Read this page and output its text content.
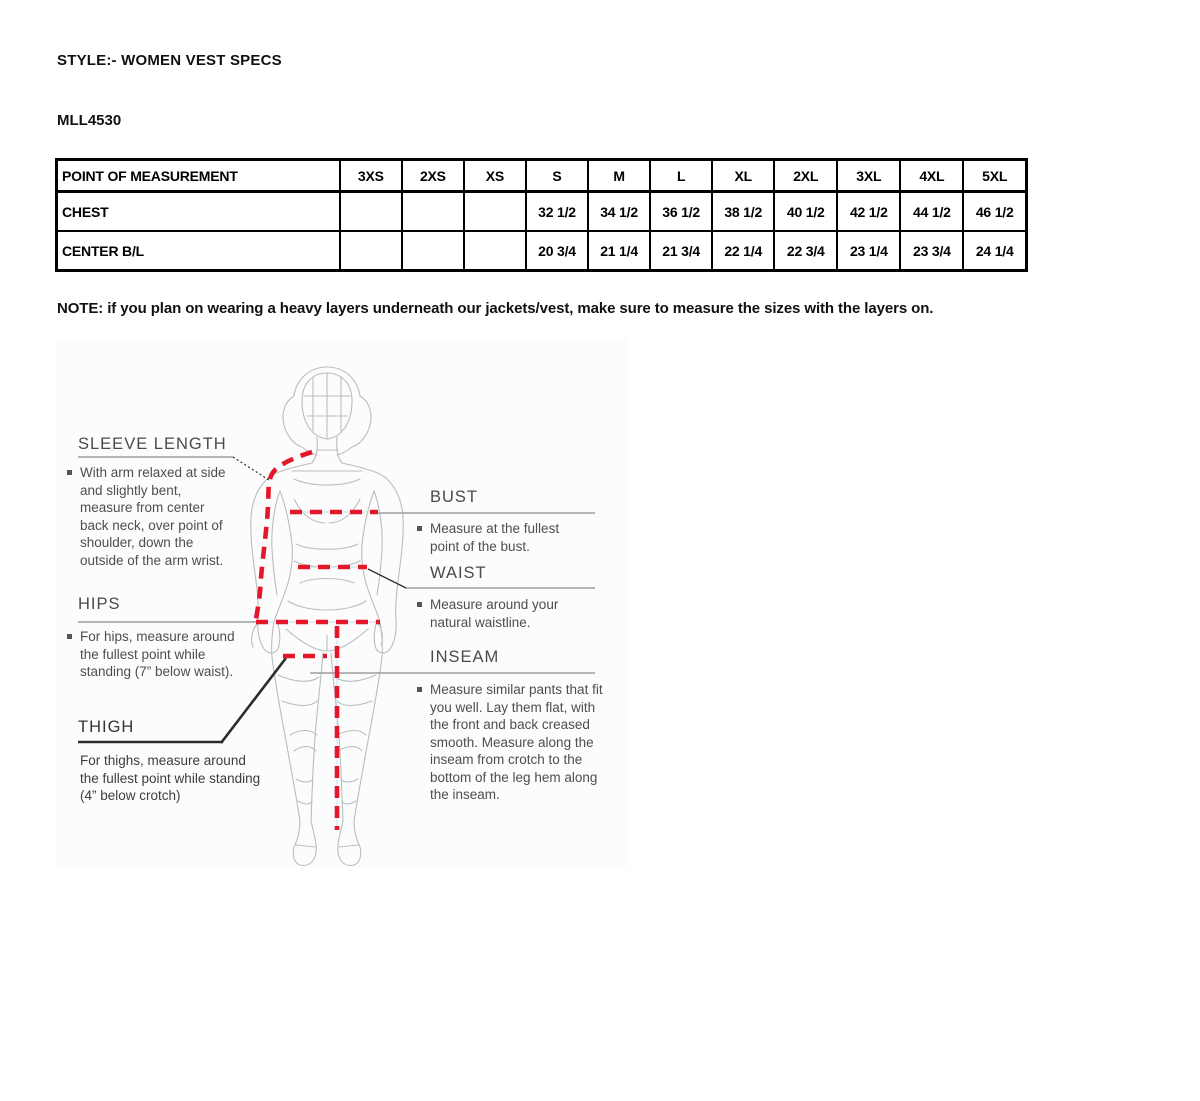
STYLE:- WOMEN VEST SPECS
MLL4530
POINT OF MEASUREMENT	3XS	2XS	XS	S	M	L	XL	2XL	3XL	4XL	5XL
CHEST				32 1/2	34 1/2	36 1/2	38 1/2	40 1/2	42 1/2	44 1/2	46 1/2
CENTER B/L				20 3/4	21 1/4	21 3/4	22 1/4	22 3/4	23 1/4	23 3/4	24 1/4
NOTE: if you plan on wearing a heavy layers underneath our jackets/vest, make sure to measure the sizes with the layers on.
SLEEVE LENGTH
With arm relaxed at side and slightly bent, measure from center back neck, over point of shoulder, down the outside of the arm wrist.
HIPS
For hips, measure around the fullest point while standing (7” below waist).
THIGH
For thighs, measure around the fullest point while standing (4” below crotch)
BUST
Measure at the fullest point of the bust.
WAIST
Measure around your natural waistline.
INSEAM
Measure similar pants that fit you well. Lay them flat, with the front and back creased smooth. Measure along the inseam from crotch to the bottom of the leg hem along the inseam.
